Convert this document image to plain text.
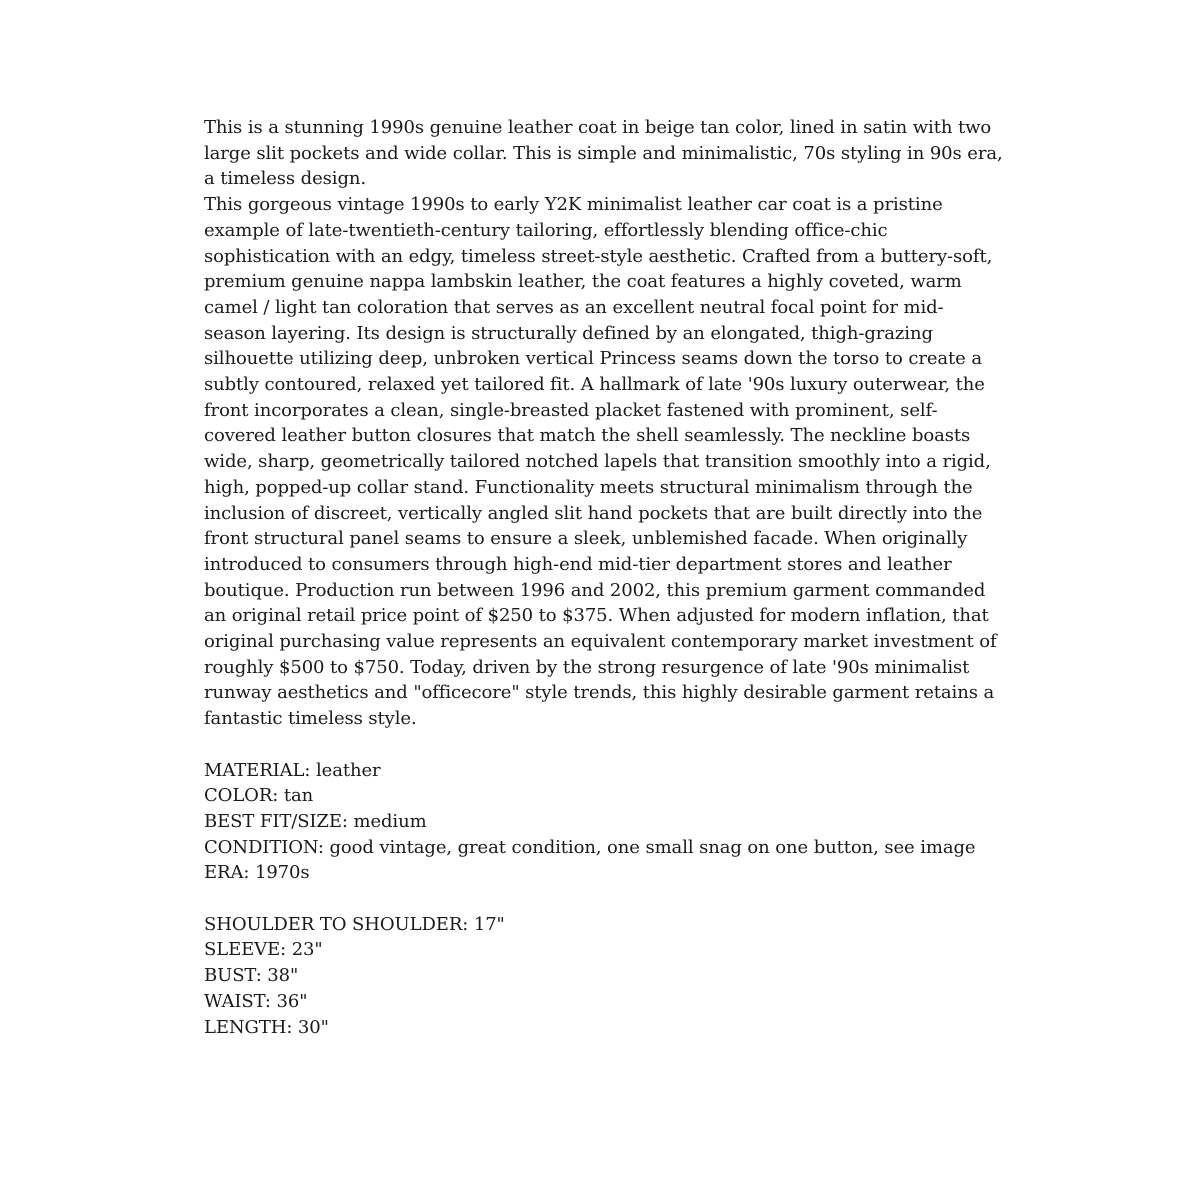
This is a stunning 1990s genuine leather coat in beige tan color, lined in satin with two large slit pockets and wide collar. This is simple and minimalistic, 70s styling in 90s era, a timeless design.

This gorgeous vintage 1990s to early Y2K minimalist leather car coat is a pristine example of late-twentieth-century tailoring, effortlessly blending office-chic sophistication with an edgy, timeless street-style aesthetic. Crafted from a buttery-soft, premium genuine nappa lambskin leather, the coat features a highly coveted, warm camel / light tan coloration that serves as an excellent neutral focal point for mid-season layering. Its design is structurally defined by an elongated, thigh-grazing silhouette utilizing deep, unbroken vertical Princess seams down the torso to create a subtly contoured, relaxed yet tailored fit. A hallmark of late '90s luxury outerwear, the front incorporates a clean, single-breasted placket fastened with prominent, self-covered leather button closures that match the shell seamlessly. The neckline boasts wide, sharp, geometrically tailored notched lapels that transition smoothly into a rigid, high, popped-up collar stand. Functionality meets structural minimalism through the inclusion of discreet, vertically angled slit hand pockets that are built directly into the front structural panel seams to ensure a sleek, unblemished facade. When originally introduced to consumers through high-end mid-tier department stores and leather boutique. Production run between 1996 and 2002, this premium garment commanded an original retail price point of $250 to $375. When adjusted for modern inflation, that original purchasing value represents an equivalent contemporary market investment of roughly $500 to $750. Today, driven by the strong resurgence of late '90s minimalist runway aesthetics and "officecore" style trends, this highly desirable garment retains a fantastic timeless style.

MATERIAL: leather

COLOR: tan

BEST FIT/SIZE: medium

CONDITION: good vintage, great condition, one small snag on one button, see image

ERA: 1970s

SHOULDER TO SHOULDER: 17"

SLEEVE: 23"

BUST: 38"

WAIST: 36"

LENGTH: 30"
